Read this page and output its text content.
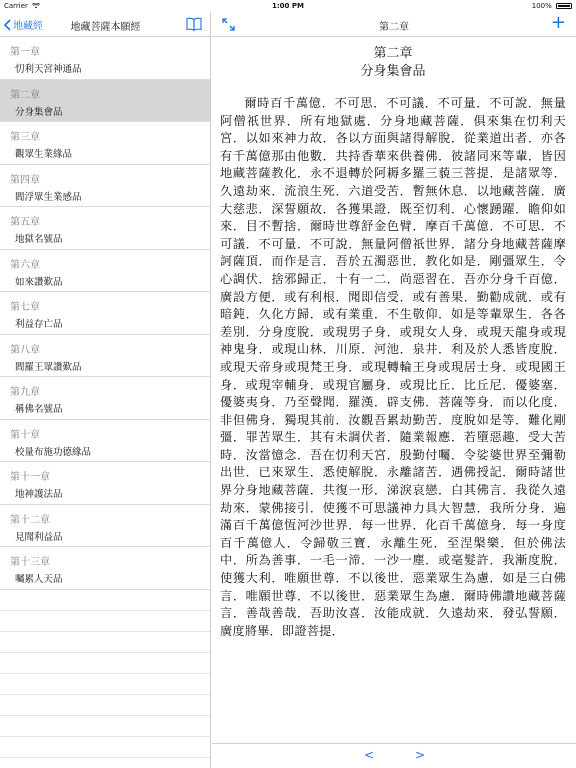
Carrier	1:00 PM	100%
地藏經	地藏菩薩本願經
第一章
忉利天宮神通品
第二章
分身集會品
第三章
觀眾生業緣品
第四章
閻浮眾生業感品
第五章
地獄名號品
第六章
如來讚歎品
第七章
利益存亡品
第八章
閻羅王眾讚歎品
第九章
稱佛名號品
第十章
校量布施功德緣品
第十一章
地神護法品
第十二章
見聞利益品
第十三章
囑累人天品
第二章	+
第二章
分身集會品

爾時百千萬億．不可思．不可議．不可量．不可說．無量阿僧祇世界．所有地獄處．分身地藏菩薩．俱來集在忉利天宮．以如來神力故．各以方面與諸得解脫．從業道出者．亦各有千萬億那由他數．共持香華來供養佛．彼諸同來等輩．皆因地藏菩薩教化．永不退轉於阿耨多羅三藐三菩提．是諸眾等．久遠劫來．流浪生死．六道受苦．暫無休息．以地藏菩薩．廣大慈悲．深誓願故．各獲果證．既至忉利．心懷踴躍．瞻仰如來．目不暫捨．爾時世尊舒金色臂．摩百千萬億．不可思．不可議．不可量．不可說．無量阿僧祇世界．諸分身地藏菩薩摩訶薩頂．而作是言．吾於五濁惡世．教化如是．剛彊眾生．令心調伏．捨邪歸正．十有一二．尚惡習在．吾亦分身千百億．廣設方便．或有利根．聞即信受．或有善果．勤勸成就．或有暗鈍．久化方歸．或有業重．不生敬仰．如是等輩眾生．各各差別．分身度脫．或現男子身．或現女人身．或現天龍身或現神鬼身．或現山林．川原．河池．泉井．利及於人悉皆度脫．或現天帝身或現梵王身．或現轉輪王身或現居士身．或現國王身．或現宰輔身．或現官屬身．或現比丘．比丘尼．優婆塞．優婆夷身．乃至聲聞．羅漢．辟支佛．菩薩等身．而以化度．非但佛身．獨現其前．汝觀吾累劫勤苦．度脫如是等．難化剛彊．罪苦眾生．其有未調伏者．隨業報應．若墮惡趣．受大苦時．汝當憶念．吾在忉利天宮．殷勤付囑．令娑婆世界至彌勒出世．已來眾生．悉使解脫．永離諸苦．遇佛授記．爾時諸世界分身地藏菩薩．共復一形．涕淚哀戀．白其佛言．我從久遠劫來．蒙佛接引．使獲不可思議神力具大智慧．我所分身．遍滿百千萬億恆河沙世界．每一世界．化百千萬億身．每一身度百千萬億人．令歸敬三寶．永離生死．至涅槃樂．但於佛法中．所為善事．一毛一渧．一沙一塵．或毫髮許．我漸度脫．使獲大利．唯願世尊．不以後世．惡業眾生為慮．如是三白佛言．唯願世尊．不以後世．惡業眾生為慮．爾時佛讚地藏菩薩言．善哉善哉．吾助汝喜．汝能成就．久遠劫來．發弘誓願．廣度將畢．即證菩提．

<	>
